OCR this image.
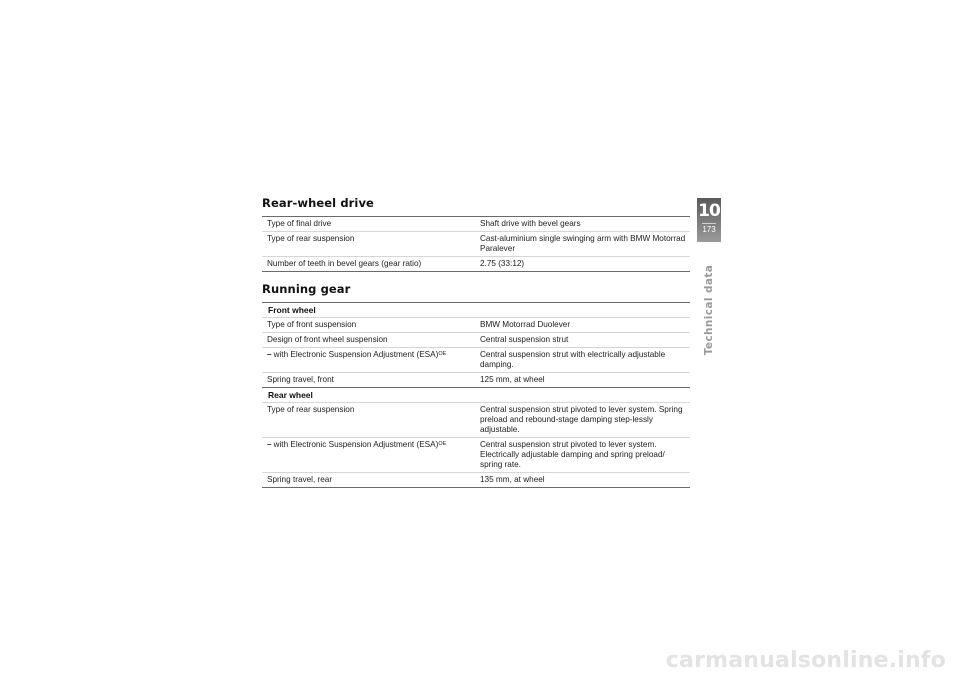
Rear-wheel drive
Type of final drive	Shaft drive with bevel gears
Type of rear suspension	Cast-aluminium single swinging arm with BMW Motorrad Paralever
Number of teeth in bevel gears (gear ratio)	2.75 (33:12)
Running gear
Front wheel
Type of front suspension	BMW Motorrad Duolever
Design of front wheel suspension	Central suspension strut
– with Electronic Suspension Adjustment (ESA)$^{OE}$	Central suspension strut with electrically adjustable damping.
Spring travel, front	125 mm, at wheel
Rear wheel
Type of rear suspension	Central suspension strut pivoted to lever system. Spring preload and rebound-stage damping step-lessly adjustable.
– with Electronic Suspension Adjustment (ESA)$^{OE}$	Central suspension strut pivoted to lever system. Electrically adjustable damping and spring preload/ spring rate.
Spring travel, rear	135 mm, at wheel
10
173
Technical data
carmanualsonline.info
